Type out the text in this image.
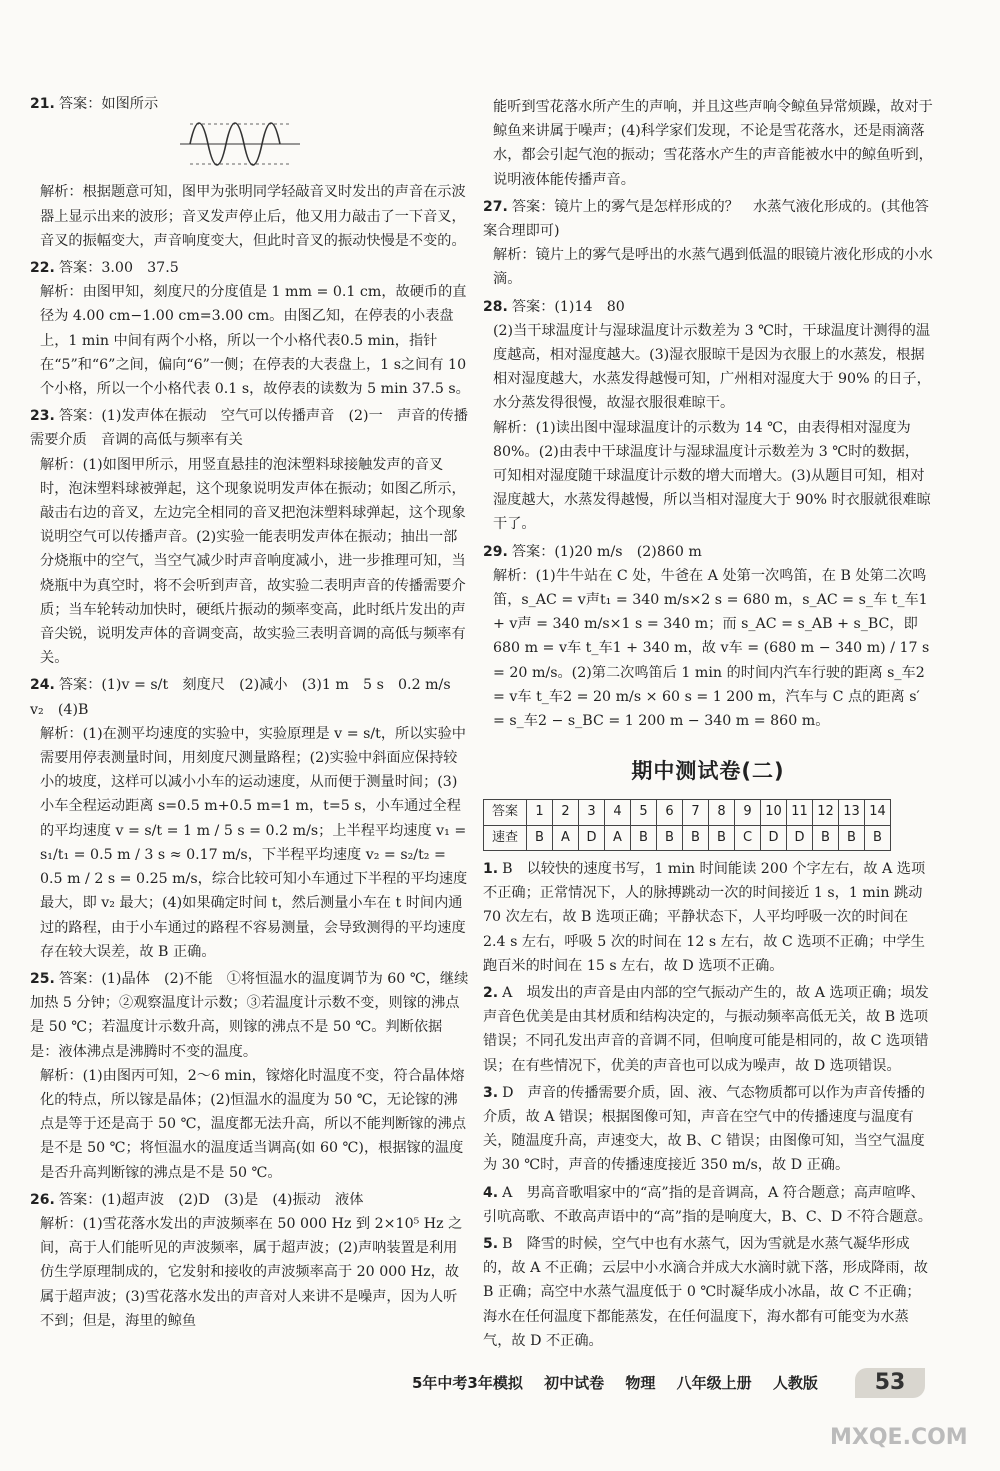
21. 答案：如图所示
解析：根据题意可知，图甲为张明同学轻敲音叉时发出的声音在示波器上显示出来的波形；音叉发声停止后，他又用力敲击了一下音叉，音叉的振幅变大，声音响度变大，但此时音叉的振动快慢是不变的。
22. 答案：3.00　37.5
解析：由图甲知，刻度尺的分度值是 1 mm = 0.1 cm，故硬币的直径为 4.00 cm−1.00 cm=3.00 cm。由图乙知，在停表的小表盘上，1 min 中间有两个小格，所以一个小格代表0.5 min，指针在“5”和“6”之间，偏向“6”一侧；在停表的大表盘上，1 s之间有 10 个小格，所以一个小格代表 0.1 s，故停表的读数为 5 min 37.5 s。
23. 答案：(1)发声体在振动　空气可以传播声音　(2)一　声音的传播需要介质　音调的高低与频率有关
解析：(1)如图甲所示，用竖直悬挂的泡沫塑料球接触发声的音叉时，泡沫塑料球被弹起，这个现象说明发声体在振动；如图乙所示，敲击右边的音叉，左边完全相同的音叉把泡沫塑料球弹起，这个现象说明空气可以传播声音。(2)实验一能表明发声体在振动；抽出一部分烧瓶中的空气，当空气减少时声音响度减小，进一步推理可知，当烧瓶中为真空时，将不会听到声音，故实验二表明声音的传播需要介质；当车轮转动加快时，硬纸片振动的频率变高，此时纸片发出的声音尖锐，说明发声体的音调变高，故实验三表明音调的高低与频率有关。
24. 答案：(1)v = s/t　刻度尺　(2)减小　(3)1 m　5 s　0.2 m/s　v₂　(4)B
解析：(1)在测平均速度的实验中，实验原理是 v = s/t，所以实验中需要用停表测量时间，用刻度尺测量路程；(2)实验中斜面应保持较小的坡度，这样可以减小小车的运动速度，从而便于测量时间；(3)小车全程运动距离 s=0.5 m+0.5 m=1 m，t=5 s，小车通过全程的平均速度 v = s/t = 1 m / 5 s = 0.2 m/s；上半程平均速度 v₁ = s₁/t₁ = 0.5 m / 3 s ≈ 0.17 m/s，下半程平均速度 v₂ = s₂/t₂ = 0.5 m / 2 s = 0.25 m/s，综合比较可知小车通过下半程的平均速度最大，即 v₂ 最大；(4)如果确定时间 t，然后测量小车在 t 时间内通过的路程，由于小车通过的路程不容易测量，会导致测得的平均速度存在较大误差，故 B 正确。
25. 答案：(1)晶体　(2)不能　①将恒温水的温度调节为 60 ℃，继续加热 5 分钟；②观察温度计示数；③若温度计示数不变，则镓的沸点是 50 ℃；若温度计示数升高，则镓的沸点不是 50 ℃。判断依据是：液体沸点是沸腾时不变的温度。
解析：(1)由图丙可知，2～6 min，镓熔化时温度不变，符合晶体熔化的特点，所以镓是晶体；(2)恒温水的温度为 50 ℃，无论镓的沸点是等于还是高于 50 ℃，温度都无法升高，所以不能判断镓的沸点是不是 50 ℃；将恒温水的温度适当调高(如 60 ℃)，根据镓的温度是否升高判断镓的沸点是不是 50 ℃。
26. 答案：(1)超声波　(2)D　(3)是　(4)振动　液体
解析：(1)雪花落水发出的声波频率在 50 000 Hz 到 2×10⁵ Hz 之间，高于人们能听见的声波频率，属于超声波；(2)声呐装置是利用仿生学原理制成的，它发射和接收的声波频率高于 20 000 Hz，故属于超声波；(3)雪花落水发出的声音对人来讲不是噪声，因为人听不到；但是，海里的鲸鱼
能听到雪花落水所产生的声响，并且这些声响令鲸鱼异常烦躁，故对于鲸鱼来讲属于噪声；(4)科学家们发现，不论是雪花落水，还是雨滴落水，都会引起气泡的振动；雪花落水产生的声音能被水中的鲸鱼听到，说明液体能传播声音。
27. 答案：镜片上的雾气是怎样形成的？　水蒸气液化形成的。(其他答案合理即可)
解析：镜片上的雾气是呼出的水蒸气遇到低温的眼镜片液化形成的小水滴。
28. 答案：(1)14　80
(2)当干球温度计与湿球温度计示数差为 3 ℃时，干球温度计测得的温度越高，相对湿度越大。(3)湿衣服晾干是因为衣服上的水蒸发，根据相对湿度越大，水蒸发得越慢可知，广州相对湿度大于 90% 的日子，水分蒸发得很慢，故湿衣服很难晾干。
解析：(1)读出图中湿球温度计的示数为 14 ℃，由表得相对湿度为 80%。(2)由表中干球温度计与湿球温度计示数差为 3 ℃时的数据，可知相对湿度随干球温度计示数的增大而增大。(3)从题目可知，相对湿度越大，水蒸发得越慢，所以当相对湿度大于 90% 时衣服就很难晾干了。
29. 答案：(1)20 m/s　(2)860 m
解析：(1)牛牛站在 C 处，牛爸在 A 处第一次鸣笛，在 B 处第二次鸣笛，s_AC = v声t₁ = 340 m/s×2 s = 680 m，s_AC = s_车 t_车1 + v声 = 340 m/s×1 s = 340 m；而 s_AC = s_AB + s_BC，即 680 m = v车 t_车1 + 340 m，故 v车 = (680 m − 340 m) / 17 s = 20 m/s。(2)第二次鸣笛后 1 min 的时间内汽车行驶的距离 s_车2 = v车 t_车2 = 20 m/s × 60 s = 1 200 m，汽车与 C 点的距离 s′ = s_车2 − s_BC = 1 200 m − 340 m = 860 m。
期中测试卷(二)
答案	1	2	3	4	5	6	7	8	9	10	11	12	13	14
速查	B	A	D	A	B	B	B	B	C	D	D	B	B	B
1. B　以较快的速度书写，1 min 时间能读 200 个字左右，故 A 选项不正确；正常情况下，人的脉搏跳动一次的时间接近 1 s，1 min 跳动 70 次左右，故 B 选项正确；平静状态下，人平均呼吸一次的时间在 2.4 s 左右，呼吸 5 次的时间在 12 s 左右，故 C 选项不正确；中学生跑百米的时间在 15 s 左右，故 D 选项不正确。
2. A　埙发出的声音是由内部的空气振动产生的，故 A 选项正确；埙发声音色优美是由其材质和结构决定的，与振动频率高低无关，故 B 选项错误；不同孔发出声音的音调不同，但响度可能是相同的，故 C 选项错误；在有些情况下，优美的声音也可以成为噪声，故 D 选项错误。
3. D　声音的传播需要介质，固、液、气态物质都可以作为声音传播的介质，故 A 错误；根据图像可知，声音在空气中的传播速度与温度有关，随温度升高，声速变大，故 B、C 错误；由图像可知，当空气温度为 30 ℃时，声音的传播速度接近 350 m/s，故 D 正确。
4. A　男高音歌唱家中的“高”指的是音调高，A 符合题意；高声喧哗、引吭高歌、不敢高声语中的“高”指的是响度大，B、C、D 不符合题意。
5. B　降雪的时候，空气中也有水蒸气，因为雪就是水蒸气凝华形成的，故 A 不正确；云层中小水滴合并成大水滴时就下落，形成降雨，故 B 正确；高空中水蒸气温度低于 0 ℃时凝华成小冰晶，故 C 不正确；海水在任何温度下都能蒸发，在任何温度下，海水都有可能变为水蒸气，故 D 不正确。
5年中考3年模拟 初中试卷 物理 八年级上册 人教版	53
MXQE.COM
